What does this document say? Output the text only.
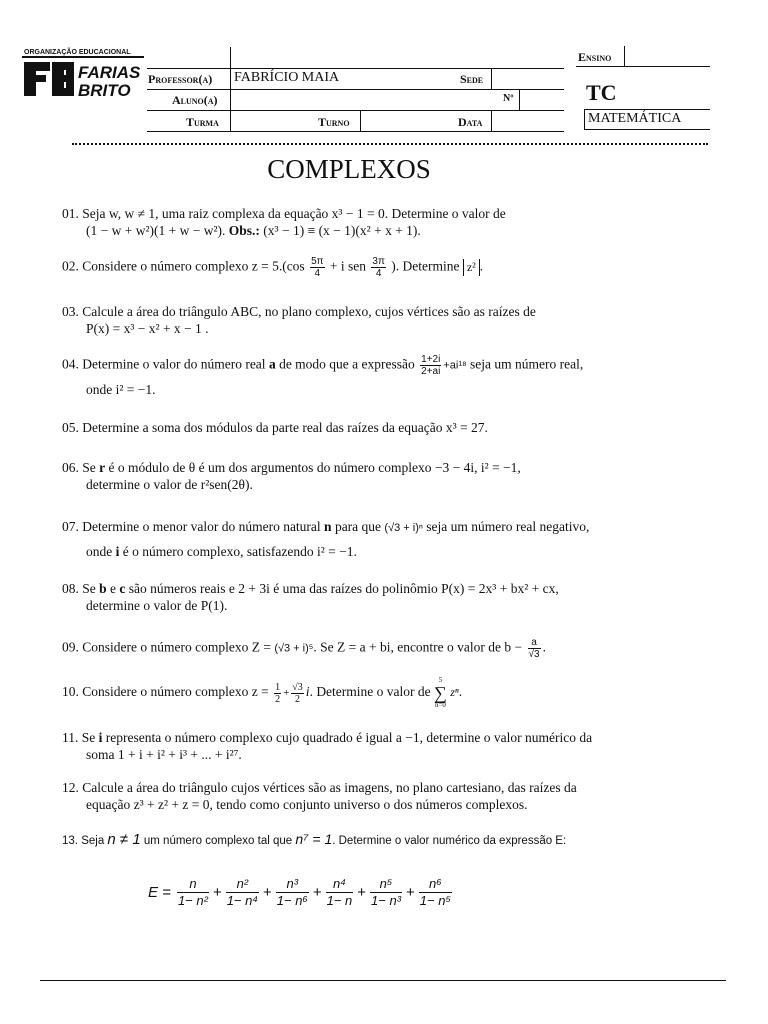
ORGANIZAÇÃO EDUCACIONAL
FARIAS
BRITO
Ensino
Professor(a) FABRÍCIO MAIA	Sede
Aluno(a)	Nº
Turma	Turno	Data
TC
MATEMÁTICA
COMPLEXOS

01. Seja w, w ≠ 1, uma raiz complexa da equação x³ − 1 = 0. Determine o valor de

(1 − w + w²)(1 + w − w²). Obs.: (x³ − 1) ≡ (x − 1)(x² + x + 1).

02. Considere o número complexo $z = 5.(\cos \frac{5\pi}{4} + i$ sen $\frac{3\pi}{4}$ ). Determine z² .

03. Calcule a área do triângulo ABC, no plano complexo, cujos vértices são as raízes de

P(x) = x³ − x² + x − 1 .

04. Determine o valor do número real a de modo que a expressão $\frac{1+2i}{2+ai} +ai^{18}$ seja um número real,

onde i² = −1.

05. Determine a soma dos módulos da parte real das raízes da equação x³ = 27.

06. Se r é o módulo de θ é um dos argumentos do número complexo −3 − 4i, i² = −1,

determine o valor de r²sen(2θ).

07. Determine o menor valor do número natural n para que (√3 + i)ⁿ seja um número real negativo,

onde i é o número complexo, satisfazendo i² = −1.

08. Se b e c são números reais e 2 + 3i é uma das raízes do polinômio P(x) = 2x³ + bx² + cx,

determine o valor de P(1).

09. Considere o número complexo Z = (√3 + i)⁵. Se Z = a + bi, encontre o valor de $b - \frac{a}{√3}$ .

10. Considere o número complexo $z = \frac{1}{2} + \frac{√3}{2} i$. Determine o valor de
5
∑
n=0
zⁿ.

11. Se i representa o número complexo cujo quadrado é igual a −1, determine o valor numérico da

soma 1 + i + i² + i³ + ... + i²⁷.

12. Calcule a área do triângulo cujos vértices são as imagens, no plano cartesiano, das raízes da

equação z³ + z² + z = 0, tendo como conjunto universo o dos números complexos.

13. Seja n ≠ 1 um número complexo tal que n⁷ = 1. Determine o valor numérico da expressão E:

$E = \frac{n}{\text{1− n²}} + \frac{\text{n²}}{\text{1− n⁴}} + \frac{\text{n³}}{\text{1− n⁶}} + \frac{\text{n⁴}}{1- n} + \frac{\text{n⁵}}{\text{1− n³}} + \frac{\text{n⁶}}{\text{1− n⁵}}$
